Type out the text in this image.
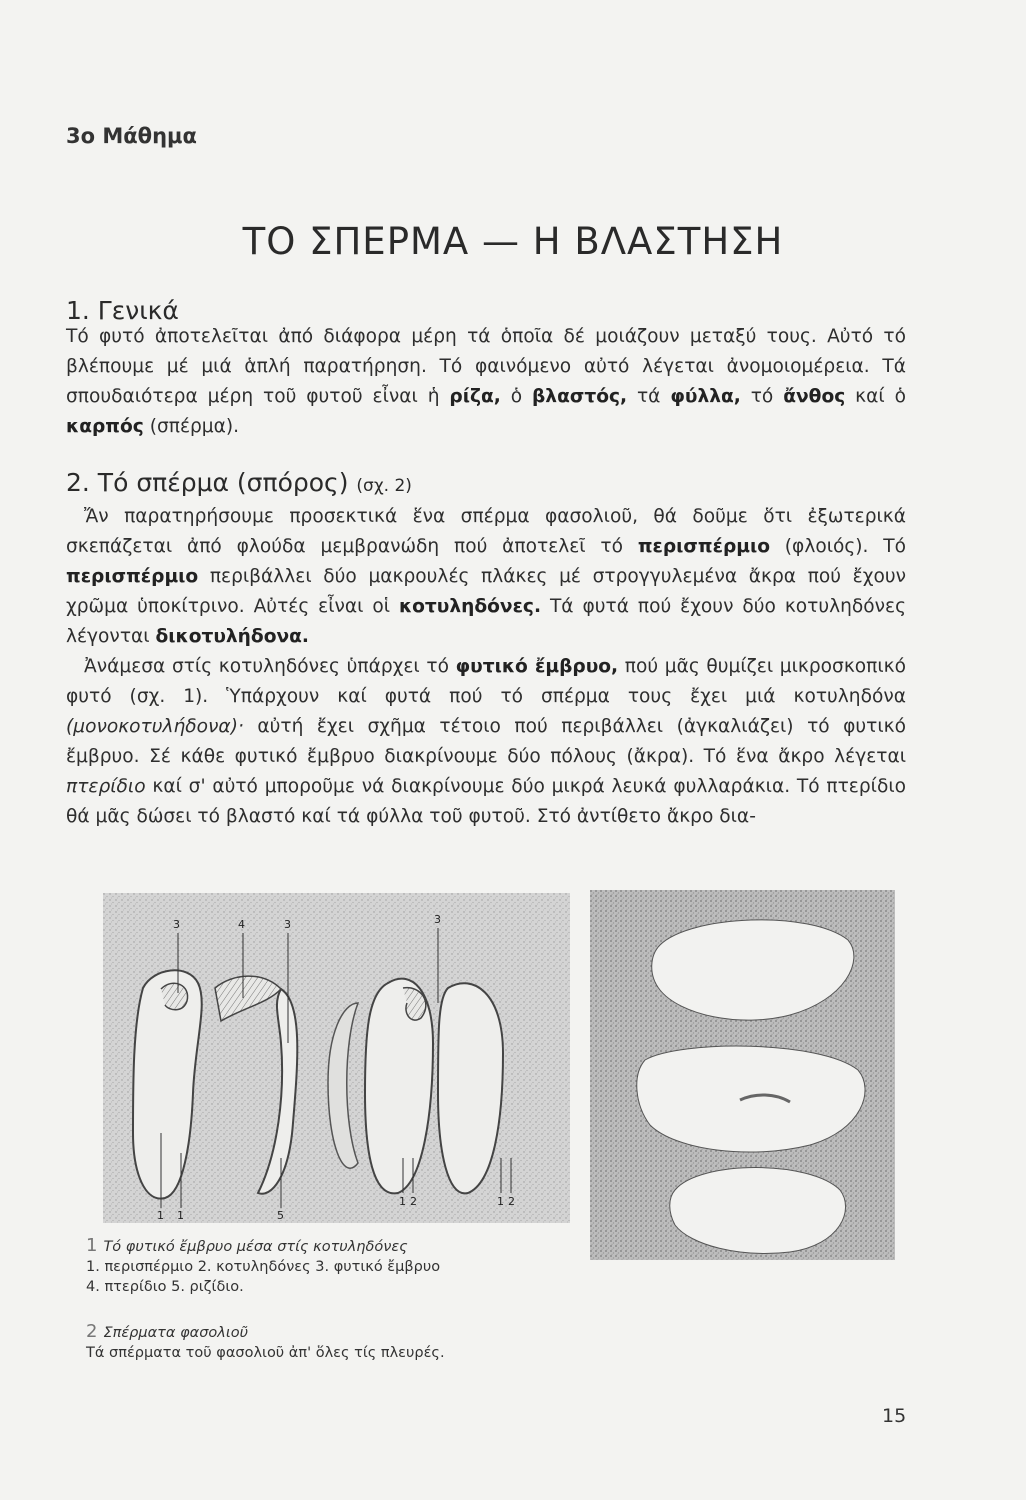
3ο Μάθημα
ΤΟ ΣΠΕΡΜΑ — Η ΒΛΑΣΤΗΣΗ
1. Γενικά
Τό φυτό ἀποτελεῖται ἀπό διάφορα μέρη τά ὁποῖα δέ μοιάζουν μεταξύ τους. Αὐτό τό βλέπουμε μέ μιά ἁπλή παρατήρηση. Τό φαινόμενο αὐτό λέγεται ἀνομοιομέρεια. Τά σπουδαιότερα μέρη τοῦ φυτοῦ εἶναι ἡ ρίζα, ὁ βλαστός, τά φύλλα, τό ἄνθος καί ὁ καρπός (σπέρμα).
2. Τό σπέρμα (σπόρος) (σχ. 2)
Ἄν παρατηρήσουμε προσεκτικά ἕνα σπέρμα φασολιοῦ, θά δοῦμε ὅτι ἐξωτερικά σκεπάζεται ἀπό φλούδα μεμβρανώδη πού ἀποτελεῖ τό περισπέρμιο (φλοιός). Τό περισπέρμιο περιβάλλει δύο μακρουλές πλάκες μέ στρογγυλεμένα ἄκρα πού ἔχουν χρῶμα ὑποκίτρινο. Αὐτές εἶναι οἱ κοτυληδόνες. Τά φυτά πού ἔχουν δύο κοτυληδόνες λέγονται δικοτυλήδονα.
Ἀνάμεσα στίς κοτυληδόνες ὑπάρχει τό φυτικό ἔμβρυο, πού μᾶς θυμίζει μικροσκοπικό φυτό (σχ. 1). Ὑπάρχουν καί φυτά πού τό σπέρμα τους ἔχει μιά κοτυληδόνα (μονοκοτυλήδονα)· αὐτή ἔχει σχῆμα τέτοιο πού περιβάλλει (ἀγκαλιάζει) τό φυτικό ἔμβρυο. Σέ κάθε φυτικό ἔμβρυο διακρίνουμε δύο πόλους (ἄκρα). Τό ἕνα ἄκρο λέγεται πτερίδιο καί σ' αὐτό μποροῦμε νά διακρίνουμε δύο μικρά λευκά φυλλαράκια. Τό πτερίδιο θά μᾶς δώσει τό βλαστό καί τά φύλλα τοῦ φυτοῦ. Στό ἀντίθετο ἄκρο δια-
3	4	3	3
1 1	5
1 2	1 2
1 Τό φυτικό ἔμβρυο μέσα στίς κοτυληδόνες
1. περισπέρμιο 2. κοτυληδόνες 3. φυτικό ἔμβρυο
4. πτερίδιο 5. ριζίδιο.
2 Σπέρματα φασολιοῦ
Τά σπέρματα τοῦ φασολιοῦ ἀπ' ὅλες τίς πλευρές.
15
